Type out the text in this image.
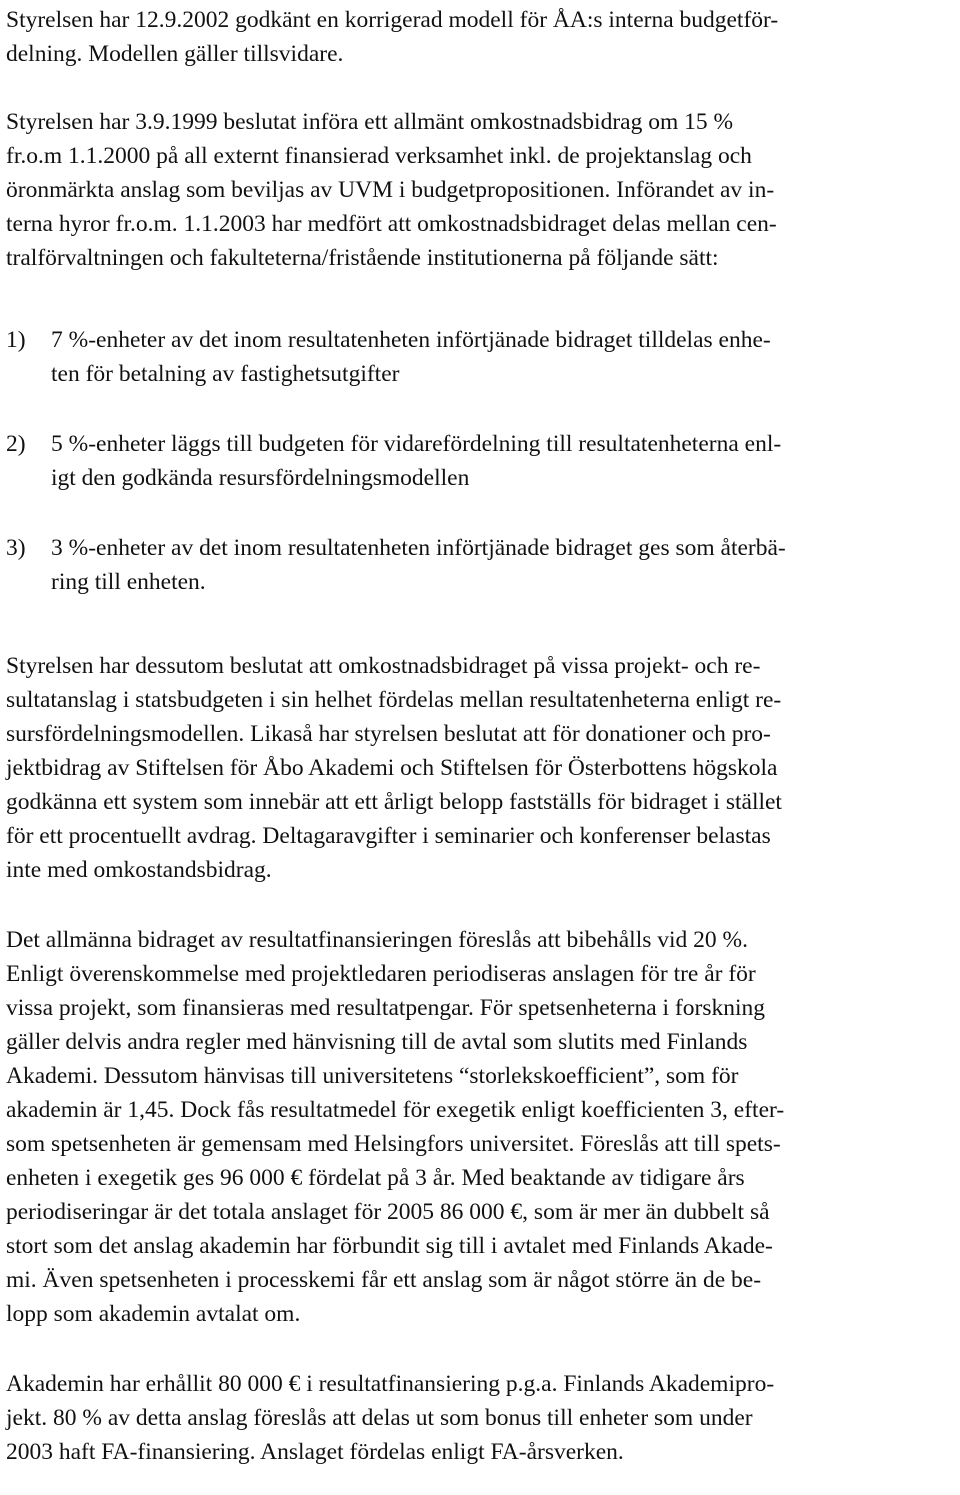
Styrelsen har 12.9.2002 godkänt en korrigerad modell för ÅA:s interna budgetför-
delning. Modellen gäller tillsvidare.
Styrelsen har 3.9.1999 beslutat införa ett allmänt omkostnadsbidrag om 15 %
fr.o.m 1.1.2000 på all externt finansierad verksamhet inkl. de projektanslag och
öronmärkta anslag som beviljas av UVM i budgetpropositionen. Införandet av in-
terna hyror fr.o.m. 1.1.2003 har medfört att omkostnadsbidraget delas mellan cen-
tralförvaltningen och fakulteterna/fristående institutionerna på följande sätt:
1) 7 %-enheter av det inom resultatenheten införtjänade bidraget tilldelas enhe-
ten för betalning av fastighetsutgifter
2) 5 %-enheter läggs till budgeten för vidarefördelning till resultatenheterna enl-
igt den godkända resursfördelningsmodellen
3) 3 %-enheter av det inom resultatenheten införtjänade bidraget ges som återbä-
ring till enheten.
Styrelsen har dessutom beslutat att omkostnadsbidraget på vissa projekt- och re-
sultatanslag i statsbudgeten i sin helhet fördelas mellan resultatenheterna enligt re-
sursfördelningsmodellen. Likaså har styrelsen beslutat att för donationer och pro-
jektbidrag av Stiftelsen för Åbo Akademi och Stiftelsen för Österbottens högskola
godkänna ett system som innebär att ett årligt belopp fastställs för bidraget i stället
för ett procentuellt avdrag. Deltagaravgifter i seminarier och konferenser belastas
inte med omkostandsbidrag.
Det allmänna bidraget av resultatfinansieringen föreslås att bibehålls vid 20 %.
Enligt överenskommelse med projektledaren periodiseras anslagen för tre år för
vissa projekt, som finansieras med resultatpengar. För spetsenheterna i forskning
gäller delvis andra regler med hänvisning till de avtal som slutits med Finlands
Akademi. Dessutom hänvisas till universitetens “storlekskoefficient”, som för
akademin är 1,45. Dock fås resultatmedel för exegetik enligt koefficienten 3, efter-
som spetsenheten är gemensam med Helsingfors universitet. Föreslås att till spets-
enheten i exegetik ges 96 000 € fördelat på 3 år. Med beaktande av tidigare års
periodiseringar är det totala anslaget för 2005 86 000 €, som är mer än dubbelt så
stort som det anslag akademin har förbundit sig till i avtalet med Finlands Akade-
mi. Även spetsenheten i processkemi får ett anslag som är något större än de be-
lopp som akademin avtalat om.
Akademin har erhållit 80 000 € i resultatfinansiering p.g.a. Finlands Akademipro-
jekt. 80 % av detta anslag föreslås att delas ut som bonus till enheter som under
2003 haft FA-finansiering. Anslaget fördelas enligt FA-årsverken.
